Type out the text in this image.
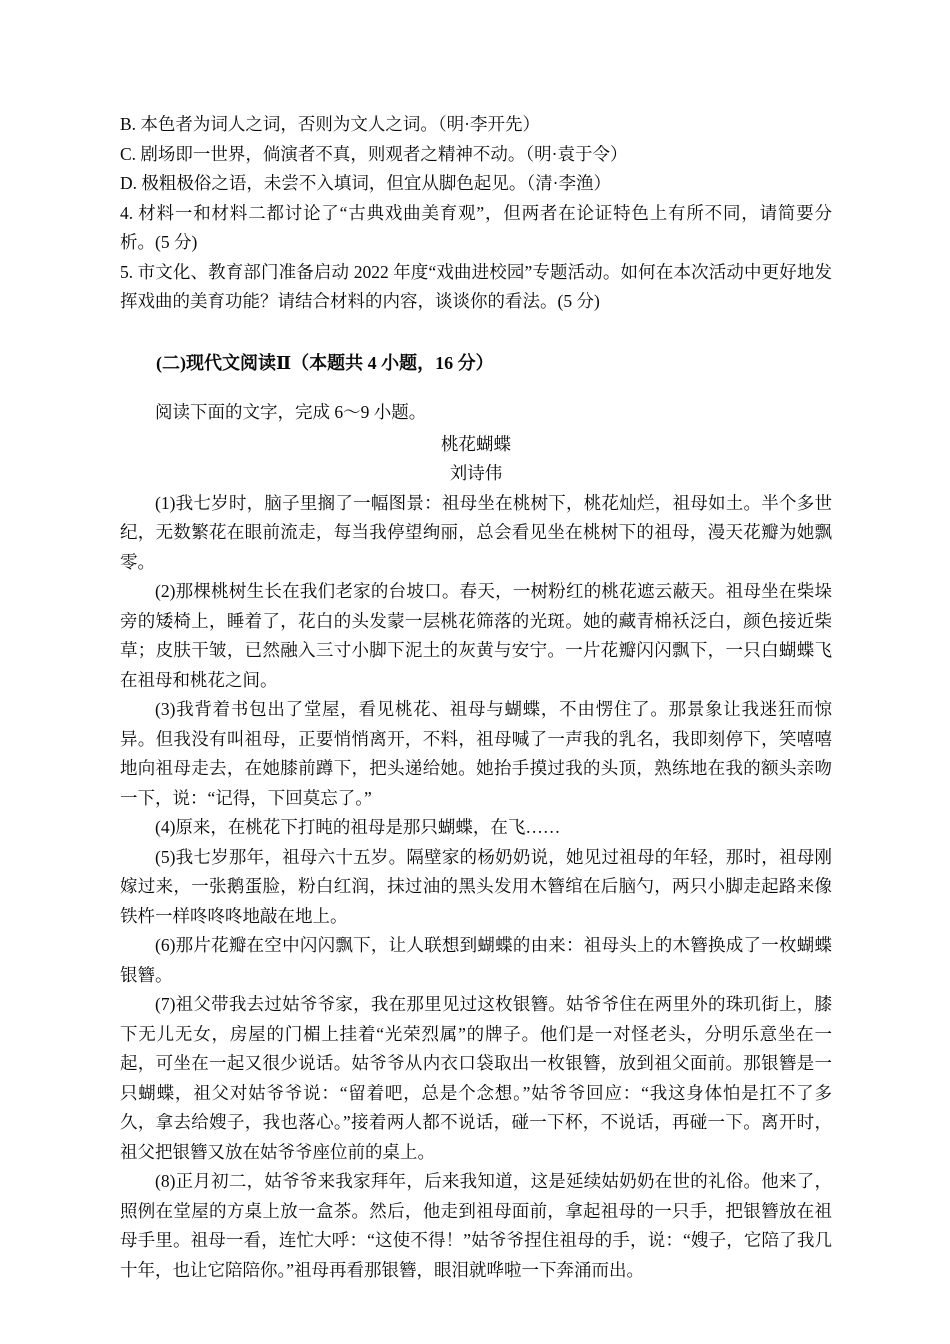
B. 本色者为词人之词，否则为文人之词。（明·李开先）

C. 剧场即一世界，倘演者不真，则观者之精神不动。（明·袁于令）

D. 极粗极俗之语，未尝不入填词，但宜从脚色起见。（清·李渔）

4. 材料一和材料二都讨论了“古典戏曲美育观”，但两者在论证特色上有所不同，请简要分析。(5 分)

5. 市文化、教育部门准备启动 2022 年度“戏曲进校园”专题活动。如何在本次活动中更好地发挥戏曲的美育功能？请结合材料的内容，谈谈你的看法。(5 分)

(二)现代文阅读Ⅱ（本题共 4 小题，16 分）

阅读下面的文字，完成 6～9 小题。

桃花蝴蝶

刘诗伟

(1)我七岁时，脑子里搁了一幅图景：祖母坐在桃树下，桃花灿烂，祖母如土。半个多世纪，无数繁花在眼前流走，每当我停望绚丽，总会看见坐在桃树下的祖母，漫天花瓣为她飘零。

(2)那棵桃树生长在我们老家的台坡口。春天，一树粉红的桃花遮云蔽天。祖母坐在柴垛旁的矮椅上，睡着了，花白的头发蒙一层桃花筛落的光斑。她的藏青棉袄泛白，颜色接近柴草；皮肤干皱，已然融入三寸小脚下泥土的灰黄与安宁。一片花瓣闪闪飘下，一只白蝴蝶飞在祖母和桃花之间。

(3)我背着书包出了堂屋，看见桃花、祖母与蝴蝶，不由愣住了。那景象让我迷狂而惊异。但我没有叫祖母，正要悄悄离开，不料，祖母喊了一声我的乳名，我即刻停下，笑嘻嘻地向祖母走去，在她膝前蹲下，把头递给她。她抬手摸过我的头顶，熟练地在我的额头亲吻一下，说：“记得，下回莫忘了。”

(4)原来，在桃花下打盹的祖母是那只蝴蝶，在飞……

(5)我七岁那年，祖母六十五岁。隔壁家的杨奶奶说，她见过祖母的年轻，那时，祖母刚嫁过来，一张鹅蛋脸，粉白红润，抹过油的黑头发用木簪绾在后脑勺，两只小脚走起路来像铁杵一样咚咚咚地敲在地上。

(6)那片花瓣在空中闪闪飘下，让人联想到蝴蝶的由来：祖母头上的木簪换成了一枚蝴蝶银簪。

(7)祖父带我去过姑爷爷家，我在那里见过这枚银簪。姑爷爷住在两里外的珠玑街上，膝下无儿无女，房屋的门楣上挂着“光荣烈属”的牌子。他们是一对怪老头，分明乐意坐在一起，可坐在一起又很少说话。姑爷爷从内衣口袋取出一枚银簪，放到祖父面前。那银簪是一只蝴蝶，祖父对姑爷爷说：“留着吧，总是个念想。”姑爷爷回应：“我这身体怕是扛不了多久，拿去给嫂子，我也落心。”接着两人都不说话，碰一下杯，不说话，再碰一下。离开时，祖父把银簪又放在姑爷爷座位前的桌上。

(8)正月初二，姑爷爷来我家拜年，后来我知道，这是延续姑奶奶在世的礼俗。他来了，照例在堂屋的方桌上放一盒茶。然后，他走到祖母面前，拿起祖母的一只手，把银簪放在祖母手里。祖母一看，连忙大呼：“这使不得！”姑爷爷捏住祖母的手，说：“嫂子，它陪了我几十年，也让它陪陪你。”祖母再看那银簪，眼泪就哗啦一下奔涌而出。
